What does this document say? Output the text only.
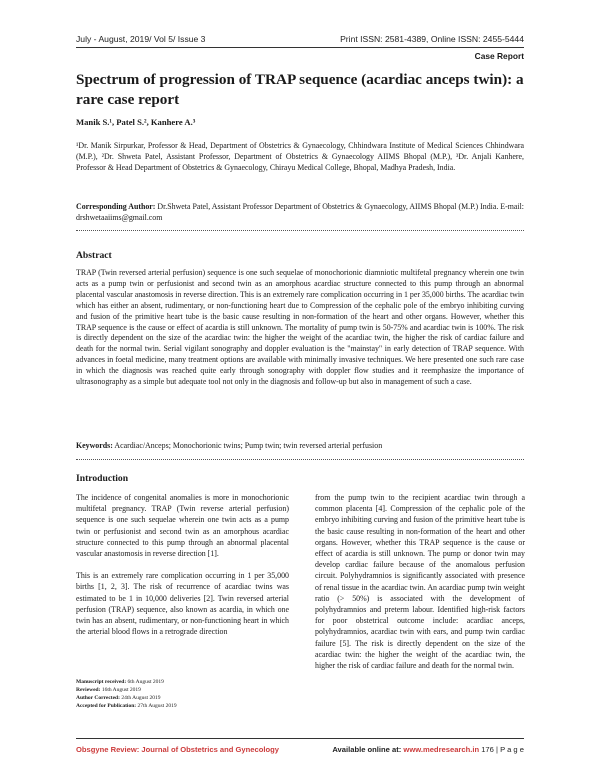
July - August, 2019/ Vol 5/ Issue 3	Print ISSN: 2581-4389, Online ISSN: 2455-5444
Case Report
Spectrum of progression of TRAP sequence (acardiac anceps twin): a rare case report
Manik S.¹, Patel S.², Kanhere A.³

¹Dr. Manik Sirpurkar, Professor & Head, Department of Obstetrics & Gynaecology, Chhindwara Institute of Medical Sciences Chhindwara (M.P.), ²Dr. Shweta Patel, Assistant Professor, Department of Obstetrics & Gynaecology AIIMS Bhopal (M.P.), ³Dr. Anjali Kanhere, Professor & Head Department of Obstetrics & Gynaecology, Chirayu Medical College, Bhopal, Madhya Pradesh, India.

Corresponding Author: Dr.Shweta Patel, Assistant Professor Department of Obstetrics & Gynaecology, AIIMS Bhopal (M.P.) India. E-mail: drshwetaaiims@gmail.com

Abstract

TRAP (Twin reversed arterial perfusion) sequence is one such sequelae of monochorionic diamniotic multifetal pregnancy wherein one twin acts as a pump twin or perfusionist and second twin as an amorphous acardiac structure connected to this pump through an abnormal placental vascular anastomosis in reverse direction. This is an extremely rare complication occurring in 1 per 35,000 births. The acardiac twin which has either an absent, rudimentary, or non-functioning heart due to Compression of the cephalic pole of the embryo inhibiting curving and fusion of the primitive heart tube is the basic cause resulting in non-formation of the heart and other organs. However, whether this TRAP sequence is the cause or effect of acardia is still unknown. The mortality of pump twin is 50-75% and acardiac twin is 100%. The risk is directly dependent on the size of the acardiac twin: the higher the weight of the acardiac twin, the higher the risk of cardiac failure and death for the normal twin. Serial vigilant sonography and doppler evaluation is the "mainstay" in early detection of TRAP sequence. With advances in foetal medicine, many treatment options are available with minimally invasive techniques. We here presented one such rare case in which the diagnosis was reached quite early through sonography with doppler flow studies and it reemphasize the importance of ultrasonography as a simple but adequate tool not only in the diagnosis and follow-up but also in management of such a case.

Keywords: Acardiac/Anceps; Monochorionic twins; Pump twin; twin reversed arterial perfusion

Introduction

The incidence of congenital anomalies is more in monochorionic multifetal pregnancy. TRAP (Twin reverse arterial perfusion) sequence is one such sequelae wherein one twin acts as a pump twin or perfusionist and second twin as an amorphous acardiac structure connected to this pump through an abnormal placental vascular anastomosis in reverse direction [1].

This is an extremely rare complication occurring in 1 per 35,000 births [1, 2, 3]. The risk of recurrence of acardiac twins was estimated to be 1 in 10,000 deliveries [2]. Twin reversed arterial perfusion (TRAP) sequence, also known as acardia, in which one twin has an absent, rudimentary, or non-functioning heart in which the arterial blood flows in a retrograde direction

Manuscript received: 6th August 2019
Reviewed: 16th August 2019
Author Corrected: 24th August 2019
Accepted for Publication: 27th August 2019

from the pump twin to the recipient acardiac twin through a common placenta [4]. Compression of the cephalic pole of the embryo inhibiting curving and fusion of the primitive heart tube is the basic cause resulting in non-formation of the heart and other organs. However, whether this TRAP sequence is the cause or effect of acardia is still unknown. The pump or donor twin may develop cardiac failure because of the anomalous perfusion circuit. Polyhydramnios is significantly associated with presence of renal tissue in the acardiac twin. An acardiac pump twin weight ratio (> 50%) is associated with the development of polyhydramnios and preterm labour. Identified high-risk factors for poor obstetrical outcome include: acardiac anceps, polyhydramnios, acardiac twin with ears, and pump twin cardiac failure [5]. The risk is directly dependent on the size of the acardiac twin: the higher the weight of the acardiac twin, the higher the risk of cardiac failure and death for the normal twin.

Obsgyne Review: Journal of Obstetrics and Gynecology	Available online at: www.medresearch.in 176 | P a g e
